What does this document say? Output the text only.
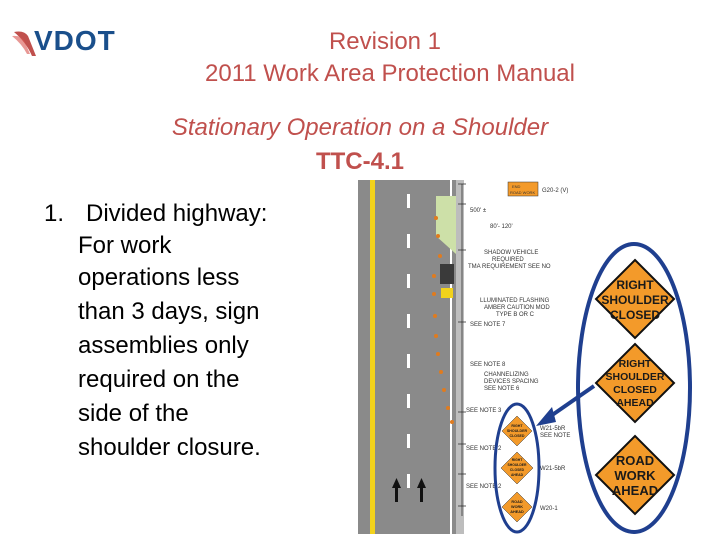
VDOT	Revision 1
2011 Work Area Protection Manual
Stationary Operation on a Shoulder
TTC-4.1
1. Divided highway:
For work
operations less
than 3 days, sign
assemblies only
required on the
side of the
shoulder closure.
END
ROAD WORK G20-2 (V)
500' ±
80'- 120'
SHADOW VEHICLE
REQUIRED
TMA REQUIREMENT SEE NO
LLUMINATED FLASHING
AMBER CAUTION MOD
TYPE B OR C
SEE NOTE 7
SEE NOTE 8
CHANNELIZING
DEVICES SPACING
SEE NOTE 6
SEE NOTE 3
W21-5bR
SEE NOTE
SEE NOTE 2
W21-5bR
SEE NOTE 2
W20-1
RIGHT
SHOULDER
CLOSED
RIGHT
SHOULDER
CLOSED
AHEAD
ROAD
WORK
AHEAD
RIGHT
SHOULDER
CLOSED
RIGHT
SHOULDER
CLOSED
AHEAD
ROAD
WORK
AHEAD
